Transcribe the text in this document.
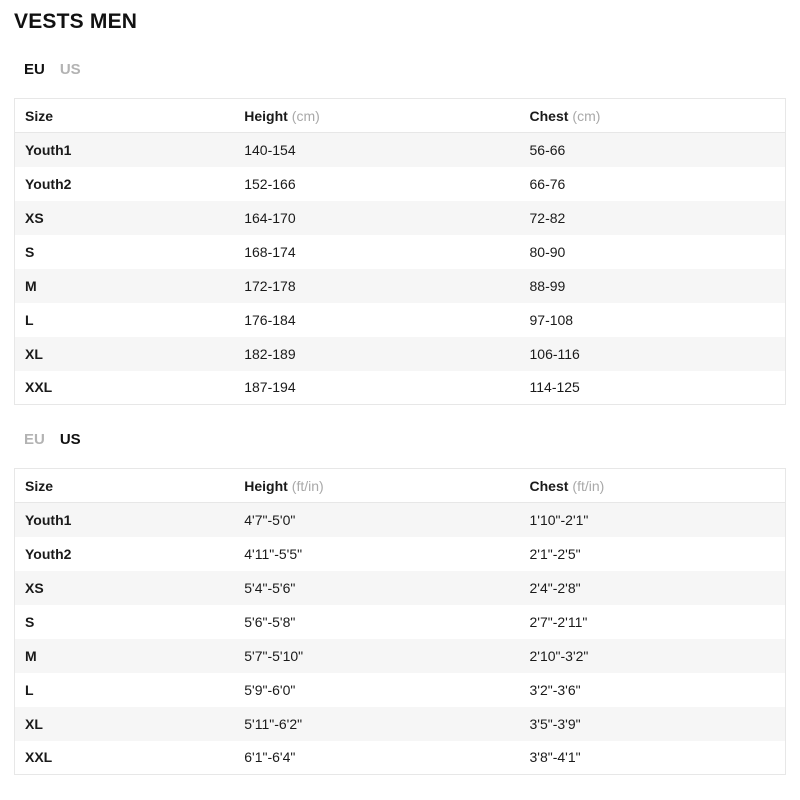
VESTS MEN
EU US
Size	Height (cm)	Chest (cm)
Youth1	140-154	56-66
Youth2	152-166	66-76
XS	164-170	72-82
S	168-174	80-90
M	172-178	88-99
L	176-184	97-108
XL	182-189	106-116
XXL	187-194	114-125
EU US
Size	Height (ft/in)	Chest (ft/in)
Youth1	4'7"-5'0"	1'10"-2'1"
Youth2	4'11"-5'5"	2'1"-2'5"
XS	5'4"-5'6"	2'4"-2'8"
S	5'6"-5'8"	2'7"-2'11"
M	5'7"-5'10"	2'10"-3'2"
L	5'9"-6'0"	3'2"-3'6"
XL	5'11"-6'2"	3'5"-3'9"
XXL	6'1"-6'4"	3'8"-4'1"
